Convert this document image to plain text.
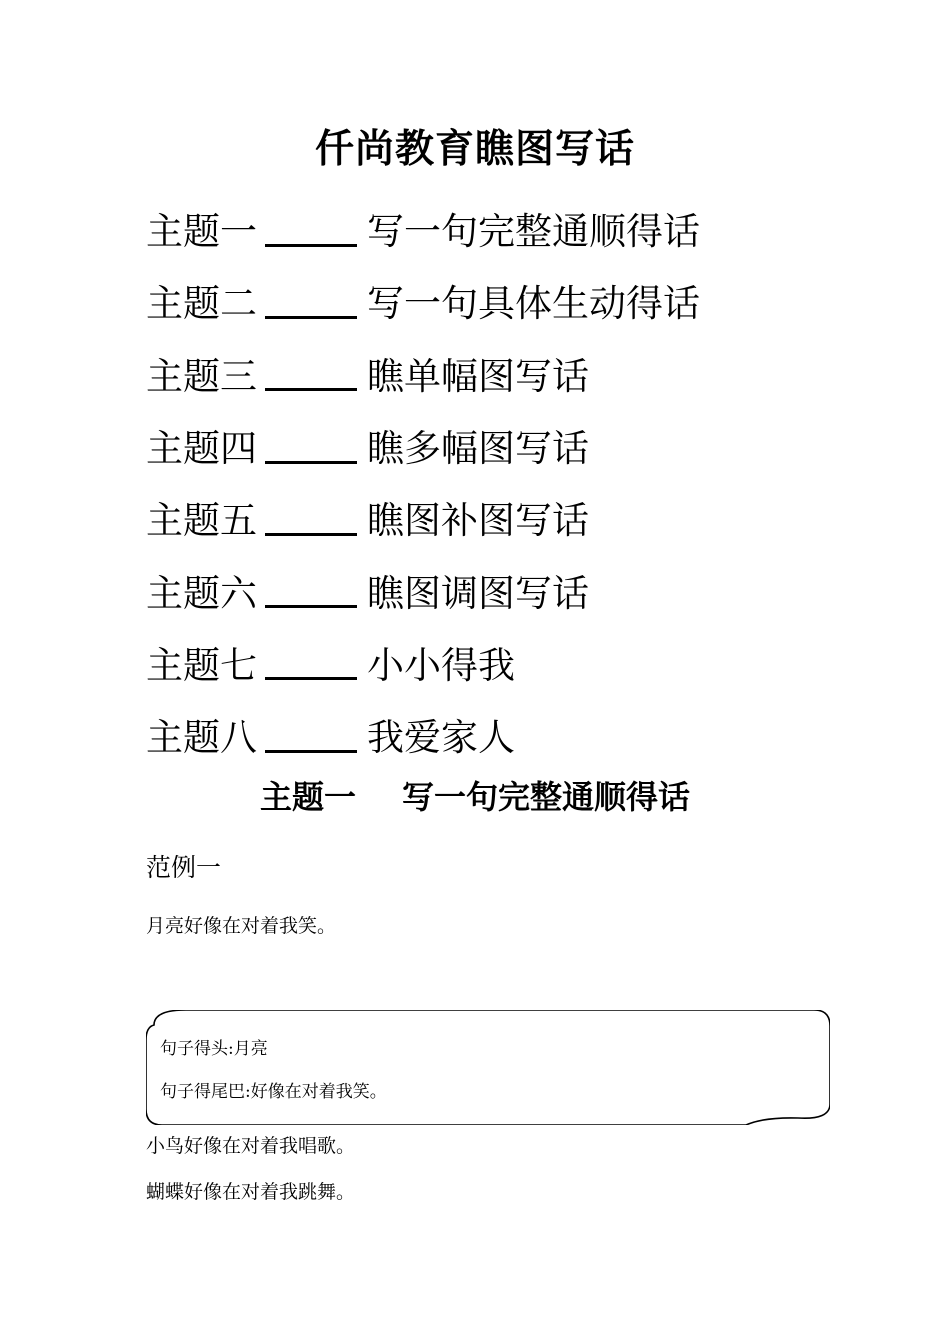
仟尚教育瞧图写话
主题一	写一句完整通顺得话
主题二	写一句具体生动得话
主题三	瞧单幅图写话
主题四	瞧多幅图写话
主题五	瞧图补图写话
主题六	瞧图调图写话
主题七	小小得我
主题八	我爱家人
主题一 写一句完整通顺得话
范例一
月亮好像在对着我笑。
句子得头:月亮
句子得尾巴:好像在对着我笑。
小鸟好像在对着我唱歌。
蝴蝶好像在对着我跳舞。
